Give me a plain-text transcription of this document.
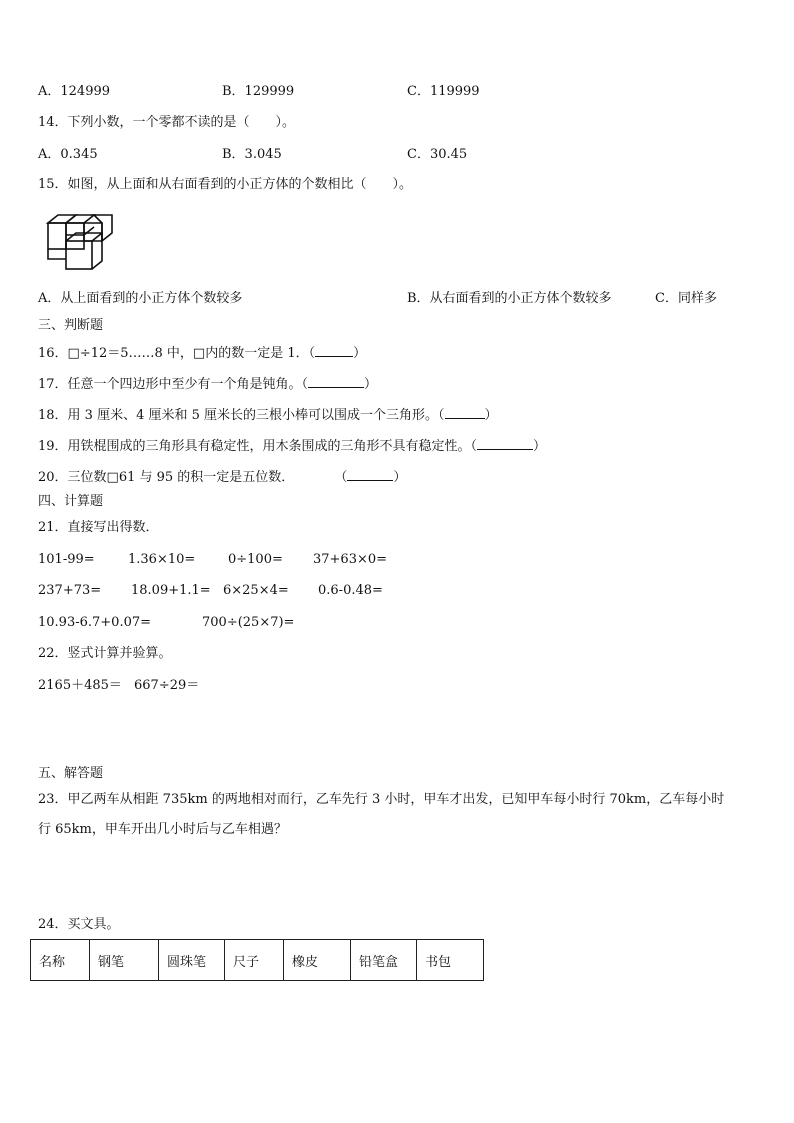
A．124999	B．129999	C．119999
14．下列小数，一个零都不读的是（　　）。
A．0.345	B．3.045	C．30.45
15．如图，从上面和从右面看到的小正方体的个数相比（　　）。
A．从上面看到的小正方体个数较多	B．从右面看到的小正方体个数较多	C．同样多
三、判断题
16．□÷12＝5……8 中，□内的数一定是 1．（	）
17．任意一个四边形中至少有一个角是钝角。（	）
18．用 3 厘米、4 厘米和 5 厘米长的三根小棒可以围成一个三角形。（	）
19．用铁棍围成的三角形具有稳定性，用木条围成的三角形不具有稳定性。（	）
20．三位数□61 与 95 的积一定是五位数．	（	）
四、计算题
21．直接写出得数．
101-99=	1.36×10=	0÷100= 37+63×0=
237+73= 18.09+1.1= 6×25×4= 0.6-0.48=
10.93-6.7+0.07=	700÷(25×7)=
22．竖式计算并验算。
2165＋485＝ 667÷29＝
五、解答题
23．甲乙两车从相距 735km 的两地相对而行，乙车先行 3 小时，甲车才出发，已知甲车每小时行 70km，乙车每小时
行 65km，甲车开出几小时后与乙车相遇？
24．买文具。
名称	钢笔	圆珠笔	尺子	橡皮	铅笔盒	书包
